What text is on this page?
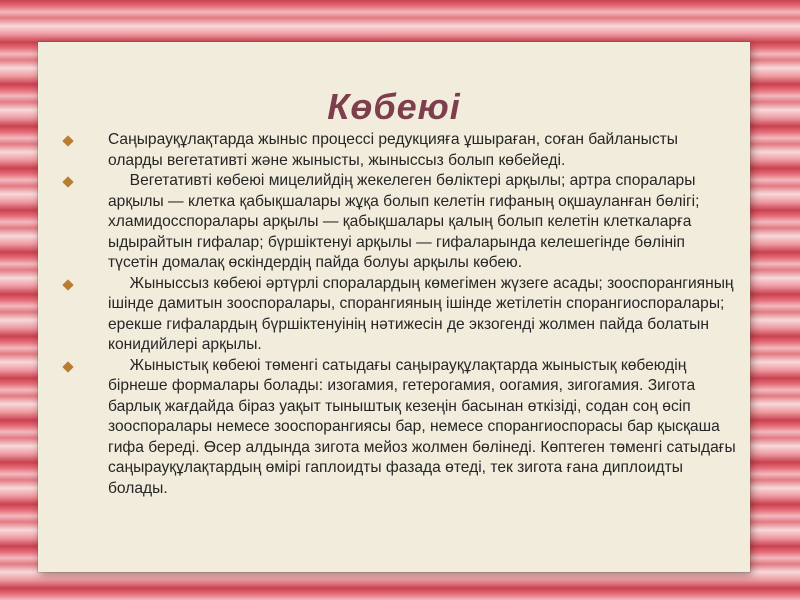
Көбеюі
Саңырауқұлақтарда жыныс процессі редукцияға ұшыраған, соған байланысты оларды вегетативті және жынысты, жыныссыз болып көбейеді.
Вегетативті көбеюі мицелийдің жекелеген бөліктері арқылы; артра споралары арқылы — клетка қабықшалары жұқа болып келетін гифаның оқшауланған бөлігі; хламидосспоралары арқылы — қабықшалары қалың болып келетін клеткаларға ыдырайтын гифалар; бүршіктенуі арқылы — гифаларында келешегінде бөлініп түсетін домалақ өскіндердің пайда болуы арқылы көбею.
Жыныссыз көбеюі әртүрлі споралардың көмегімен жүзеге асады; зооспорангияның ішінде дамитын зооспоралары, спорангияның ішінде жетілетін спорангиоспоралары; ерекше гифалардың бүршіктенуінің нәтижесін де экзогенді жолмен пайда болатын конидийлері арқылы.
Жыныстық көбеюі төменгі сатыдағы саңырауқұлақтарда жыныстық көбеюдің бірнеше формалары болады: изогамия, гетерогамия, оогамия, зигогамия. Зигота барлық жағдайда біраз уақыт тыныштық кезеңін басынан өткізіді, содан соң өсіп зооспоралары немесе зооспорангиясы бар, немесе спорангиоспорасы бар қысқаша гифа береді. Өсер алдында зигота мейоз жолмен бөлінеді. Көптеген төменгі сатыдағы саңырауқұлақтардың өмірі гаплоидты фазада өтеді, тек зигота ғана диплоидты болады.
